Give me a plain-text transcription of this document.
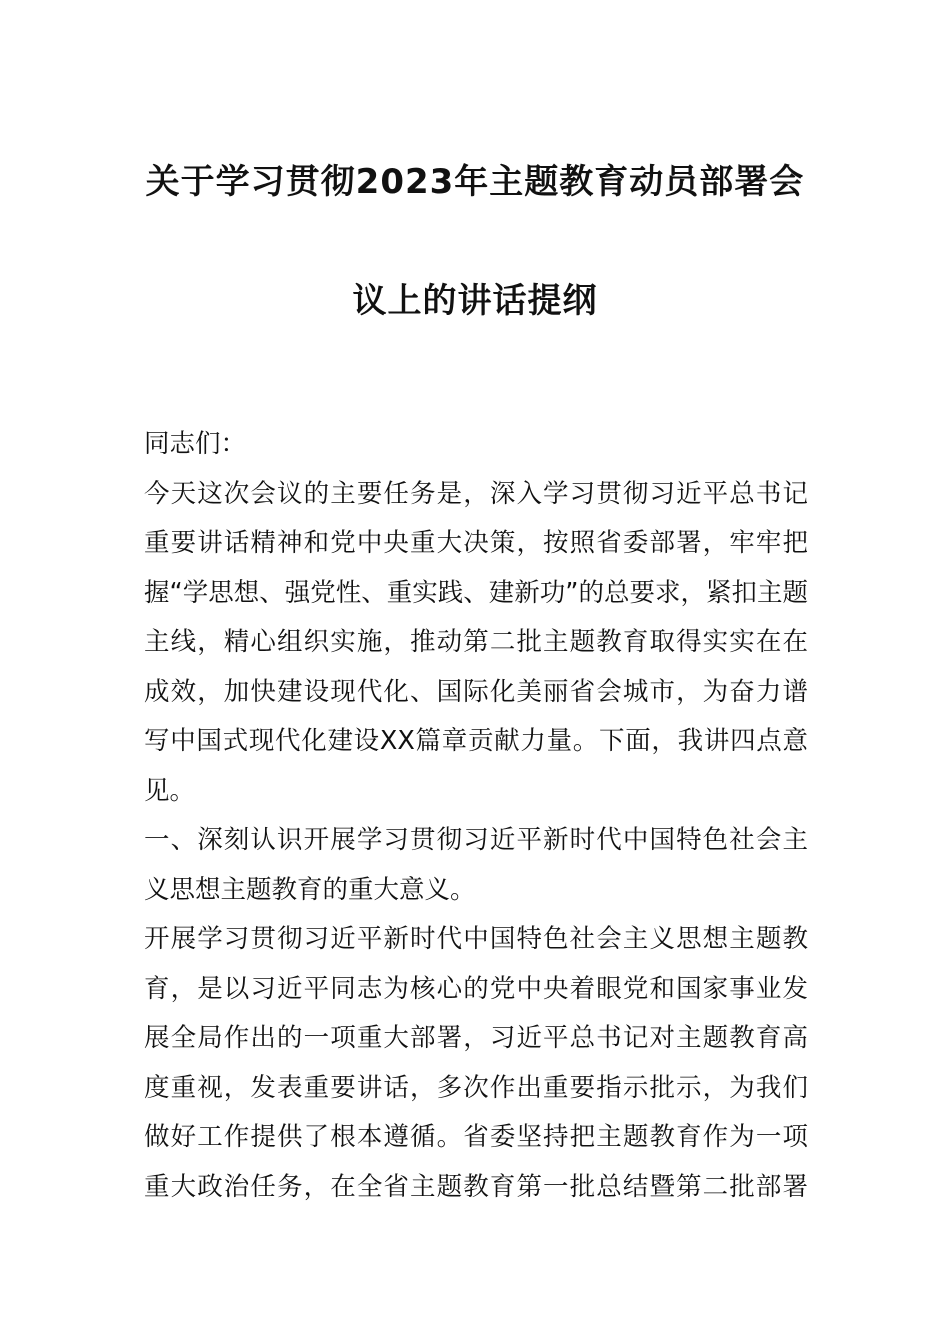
关于学习贯彻2023年主题教育动员部署会
议上的讲话提纲
同志们：
今天这次会议的主要任务是，深入学习贯彻习近平总书记
重要讲话精神和党中央重大决策，按照省委部署，牢牢把
握“学思想、强党性、重实践、建新功”的总要求，紧扣主题
主线，精心组织实施，推动第二批主题教育取得实实在在
成效，加快建设现代化、国际化美丽省会城市，为奋力谱
写中国式现代化建设XX篇章贡献力量。下面，我讲四点意
见。
一、深刻认识开展学习贯彻习近平新时代中国特色社会主
义思想主题教育的重大意义。
开展学习贯彻习近平新时代中国特色社会主义思想主题教
育，是以习近平同志为核心的党中央着眼党和国家事业发
展全局作出的一项重大部署，习近平总书记对主题教育高
度重视，发表重要讲话，多次作出重要指示批示，为我们
做好工作提供了根本遵循。省委坚持把主题教育作为一项
重大政治任务，在全省主题教育第一批总结暨第二批部署
